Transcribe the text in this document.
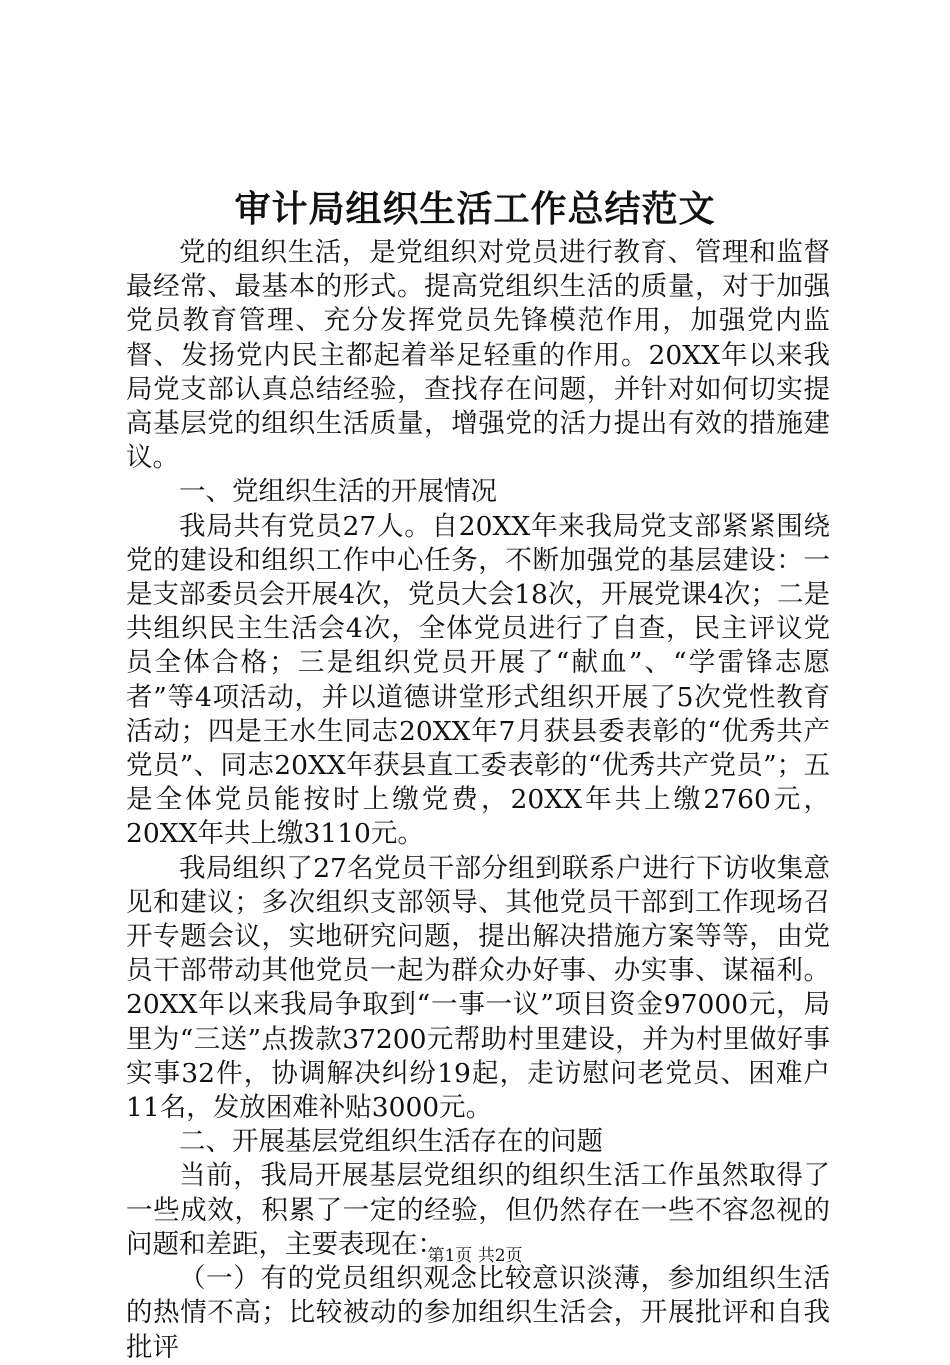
审计局组织生活工作总结范文

党的组织生活，是党组织对党员进行教育、管理和监督最经常、最基本的形式。提高党组织生活的质量，对于加强党员教育管理、充分发挥党员先锋模范作用，加强党内监督、发扬党内民主都起着举足轻重的作用。20XX年以来我局党支部认真总结经验，查找存在问题，并针对如何切实提高基层党的组织生活质量，增强党的活力提出有效的措施建议。

一、党组织生活的开展情况

我局共有党员27人。自20XX年来我局党支部紧紧围绕党的建设和组织工作中心任务，不断加强党的基层建设：一是支部委员会开展4次，党员大会18次，开展党课4次；二是共组织民主生活会4次，全体党员进行了自查，民主评议党员全体合格；三是组织党员开展了“献血”、“学雷锋志愿者”等4项活动，并以道德讲堂形式组织开展了5次党性教育活动；四是王水生同志20XX年7月获县委表彰的“优秀共产党员”、同志20XX年获县直工委表彰的“优秀共产党员”；五是全体党员能按时上缴党费，20XX年共上缴2760元，20XX年共上缴3110元。

我局组织了27名党员干部分组到联系户进行下访收集意见和建议；多次组织支部领导、其他党员干部到工作现场召开专题会议，实地研究问题，提出解决措施方案等等，由党员干部带动其他党员一起为群众办好事、办实事、谋福利。20XX年以来我局争取到“一事一议”项目资金97000元，局里为“三送”点拨款37200元帮助村里建设，并为村里做好事实事32件，协调解决纠纷19起，走访慰问老党员、困难户11名，发放困难补贴3000元。

二、开展基层党组织生活存在的问题

当前，我局开展基层党组织的组织生活工作虽然取得了一些成效，积累了一定的经验，但仍然存在一些不容忽视的问题和差距，主要表现在：

（一）有的党员组织观念比较意识淡薄，参加组织生活的热情不高；比较被动的参加组织生活会，开展批评和自我批评

第1页 共2页
